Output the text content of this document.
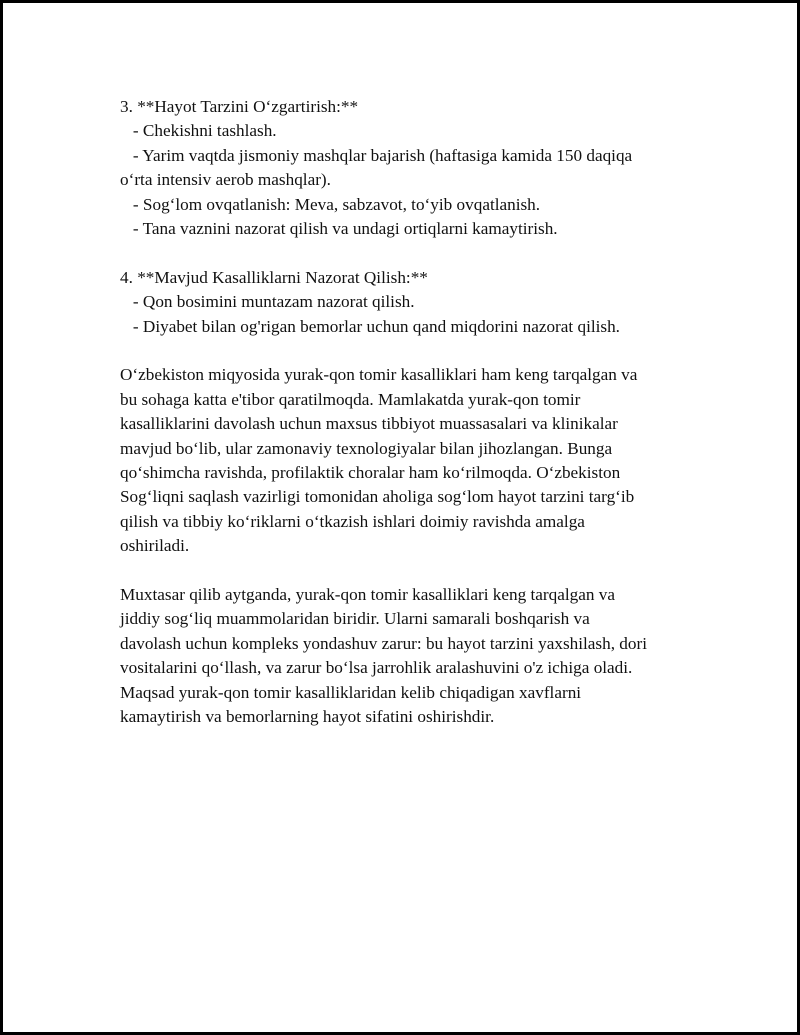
3. **Hayot Tarzini O‘zgartirish:**

- Chekishni tashlash.

- Yarim vaqtda jismoniy mashqlar bajarish (haftasiga kamida 150 daqiqa

o‘rta intensiv aerob mashqlar).

- Sog‘lom ovqatlanish: Meva, sabzavot, to‘yib ovqatlanish.

- Tana vaznini nazorat qilish va undagi ortiqlarni kamaytirish.

4. **Mavjud Kasalliklarni Nazorat Qilish:**

- Qon bosimini muntazam nazorat qilish.

- Diyabet bilan og'rigan bemorlar uchun qand miqdorini nazorat qilish.

O‘zbekiston miqyosida yurak-qon tomir kasalliklari ham keng tarqalgan va

bu sohaga katta e'tibor qaratilmoqda. Mamlakatda yurak-qon tomir

kasalliklarini davolash uchun maxsus tibbiyot muassasalari va klinikalar

mavjud bo‘lib, ular zamonaviy texnologiyalar bilan jihozlangan. Bunga

qo‘shimcha ravishda, profilaktik choralar ham ko‘rilmoqda. O‘zbekiston

Sog‘liqni saqlash vazirligi tomonidan aholiga sog‘lom hayot tarzini targ‘ib

qilish va tibbiy ko‘riklarni o‘tkazish ishlari doimiy ravishda amalga

oshiriladi.

Muxtasar qilib aytganda, yurak-qon tomir kasalliklari keng tarqalgan va

jiddiy sog‘liq muammolaridan biridir. Ularni samarali boshqarish va

davolash uchun kompleks yondashuv zarur: bu hayot tarzini yaxshilash, dori

vositalarini qo‘llash, va zarur bo‘lsa jarrohlik aralashuvini o'z ichiga oladi.

Maqsad yurak-qon tomir kasalliklaridan kelib chiqadigan xavflarni

kamaytirish va bemorlarning hayot sifatini oshirishdir.
